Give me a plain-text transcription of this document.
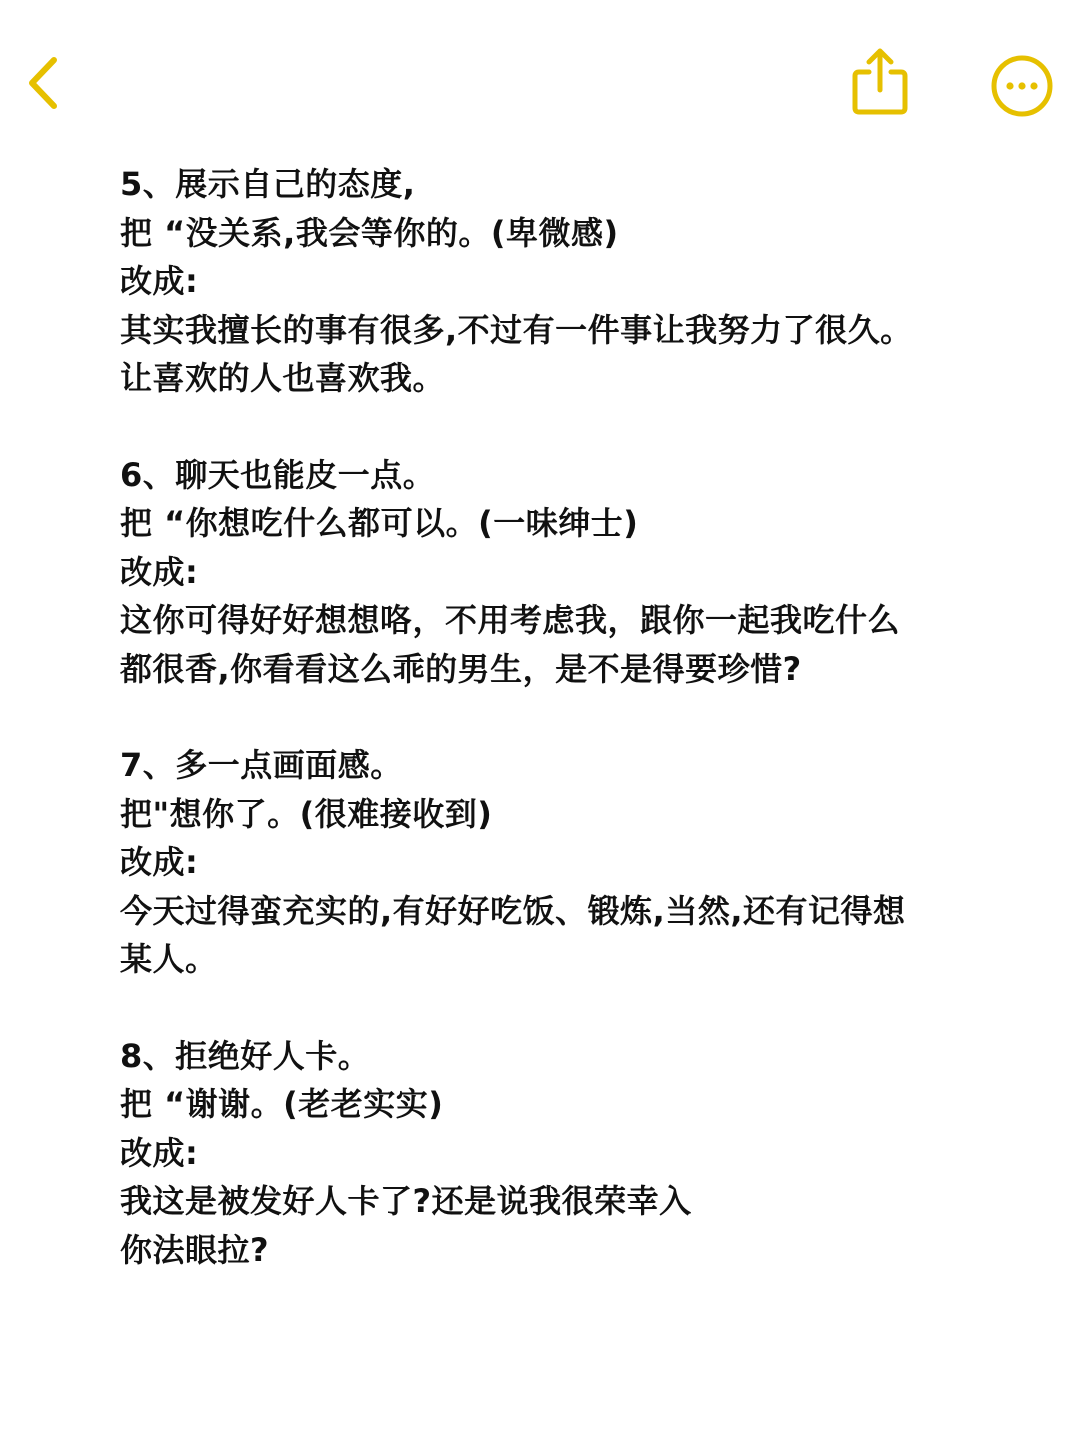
5、展示自己的态度,
把 “没关系,我会等你的。(卑微感)
改成:
其实我擅长的事有很多,不过有一件事让我努力了很久。
让喜欢的人也喜欢我。
6、聊天也能皮一点。
把 “你想吃什么都可以。(一味绅士)
改成:
这你可得好好想想咯，不用考虑我，跟你一起我吃什么
都很香,你看看这么乖的男生，是不是得要珍惜?
7、多一点画面感。
把"想你了。(很难接收到)
改成:
今天过得蛮充实的,有好好吃饭、锻炼,当然,还有记得想
某人。
8、拒绝好人卡。
把 “谢谢。(老老实实)
改成:
我这是被发好人卡了?还是说我很荣幸入
你法眼拉?
